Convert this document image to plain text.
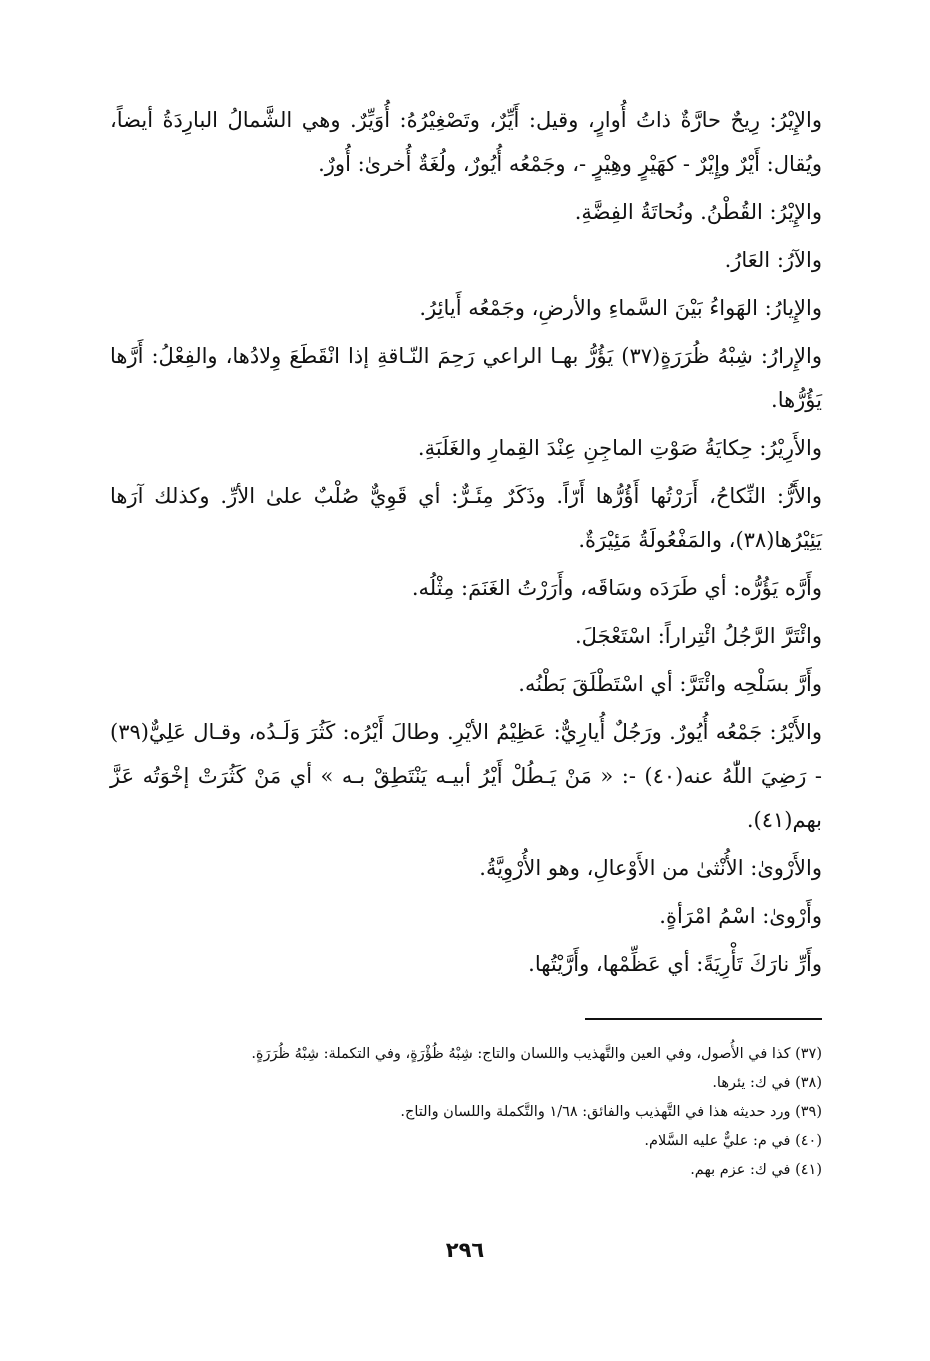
والإِيْرُ: رِيحٌ حارَّةٌ ذاتُ أُوارٍ، وقيل: أَيِّرٌ، وتَصْغِيْرُهُ: أُوَيِّرٌ. وهي الشَّمالُ البارِدَةُ أيضاً، ويُقال: أَيْرٌ وإِيْرٌ - كهَيْرٍ وهِيْرٍ -، وجَمْعُه أُيُورٌ، ولُغَةٌ أُخرىٰ: أُورٌ.

والإِيْرُ: القُطْنُ. ونُحاتَةُ الفِضَّةِ.

والآرُ: العَارُ.

والإِيارُ: الهَواءُ بَيْنَ السَّماءِ والأرضِ، وجَمْعُه أَيائِرُ.

والإِرارُ: شِبْهُ ظُرَرَةٍ(٣٧) يَؤُرُّ بهـا الراعي رَحِمَ النّـاقةِ إذا انْقَطَعَ وِلادُها، والفِعْلُ: أَرَّها يَؤُرُّها.

والأَرِيْرُ: حِكايَةُ صَوْتِ الماجِنِ عِنْدَ القِمارِ والغَلَبَةِ.

والأَرُّ: النِّكاحُ، أَرَرْتُها أَؤُرُّها أَرّاً. وذَكَرٌ مِئَـرٌّ: أي قَوِيٌّ صُلْبٌ علىٰ الأرِّ. وكذلك آرَها يَئِيْرُها(٣٨)، والمَفْعُولَةُ مَئِيْرَةٌ.

وأَرَّه يَؤُرُّه: أي طَرَدَه وسَاقَه، وأَرَرْتُ الغَنَمَ: مِثْلُه.

وائْتَرَّ الرَّجُلُ ائْتِراراً: اسْتَعْجَلَ.

وأَرَّ بسَلْحِه وائْتَرَّ: أي اسْتَطْلَقَ بَطْنُه.

والأَيْرُ: جَمْعُه أُيُورٌ. ورَجُلٌ أُيارِيٌّ: عَظِيْمُ الأيْرِ. وطالَ أَيْرُه: كَثُرَ وَلَـدُه، وقـال عَلِيٌّ(٣٩) - رَضِيَ اللّٰهُ عنه(٤٠) -: « مَنْ يَـطُلْ أَيْرُ أبيـه يَنْتَطِقْ بـه » أي مَنْ كَثُرَتْ إخْوَتُه عَزَّ بهم(٤١).

والأَرْوىٰ: الأُنْثىٰ من الأَوْعالِ، وهو الأُرْوِيَّةُ.

وأَرْوىٰ: اسْمُ امْرَأةٍ.

وأَرِّ نارَكَ تَأْرِيَةً: أي عَظِّمْها، وأَرَّيْتُها.

(٣٧) كذا في الأُصول، وفي العين والتَّهذيب واللسان والتاج: شِبْهُ ظُؤْرَةٍ، وفي التكملة: شِبْهُ ظُرَرَةٍ.

(٣٨) في ك: يئرها.

(٣٩) ورد حديثه هذا في التَّهذيب والفائق: ١/٦٨ والتَّكملة واللسان والتاج.

(٤٠) في م: عليٌّ عليه السَّلام.

(٤١) في ك: عزم بهم.

٢٩٦
